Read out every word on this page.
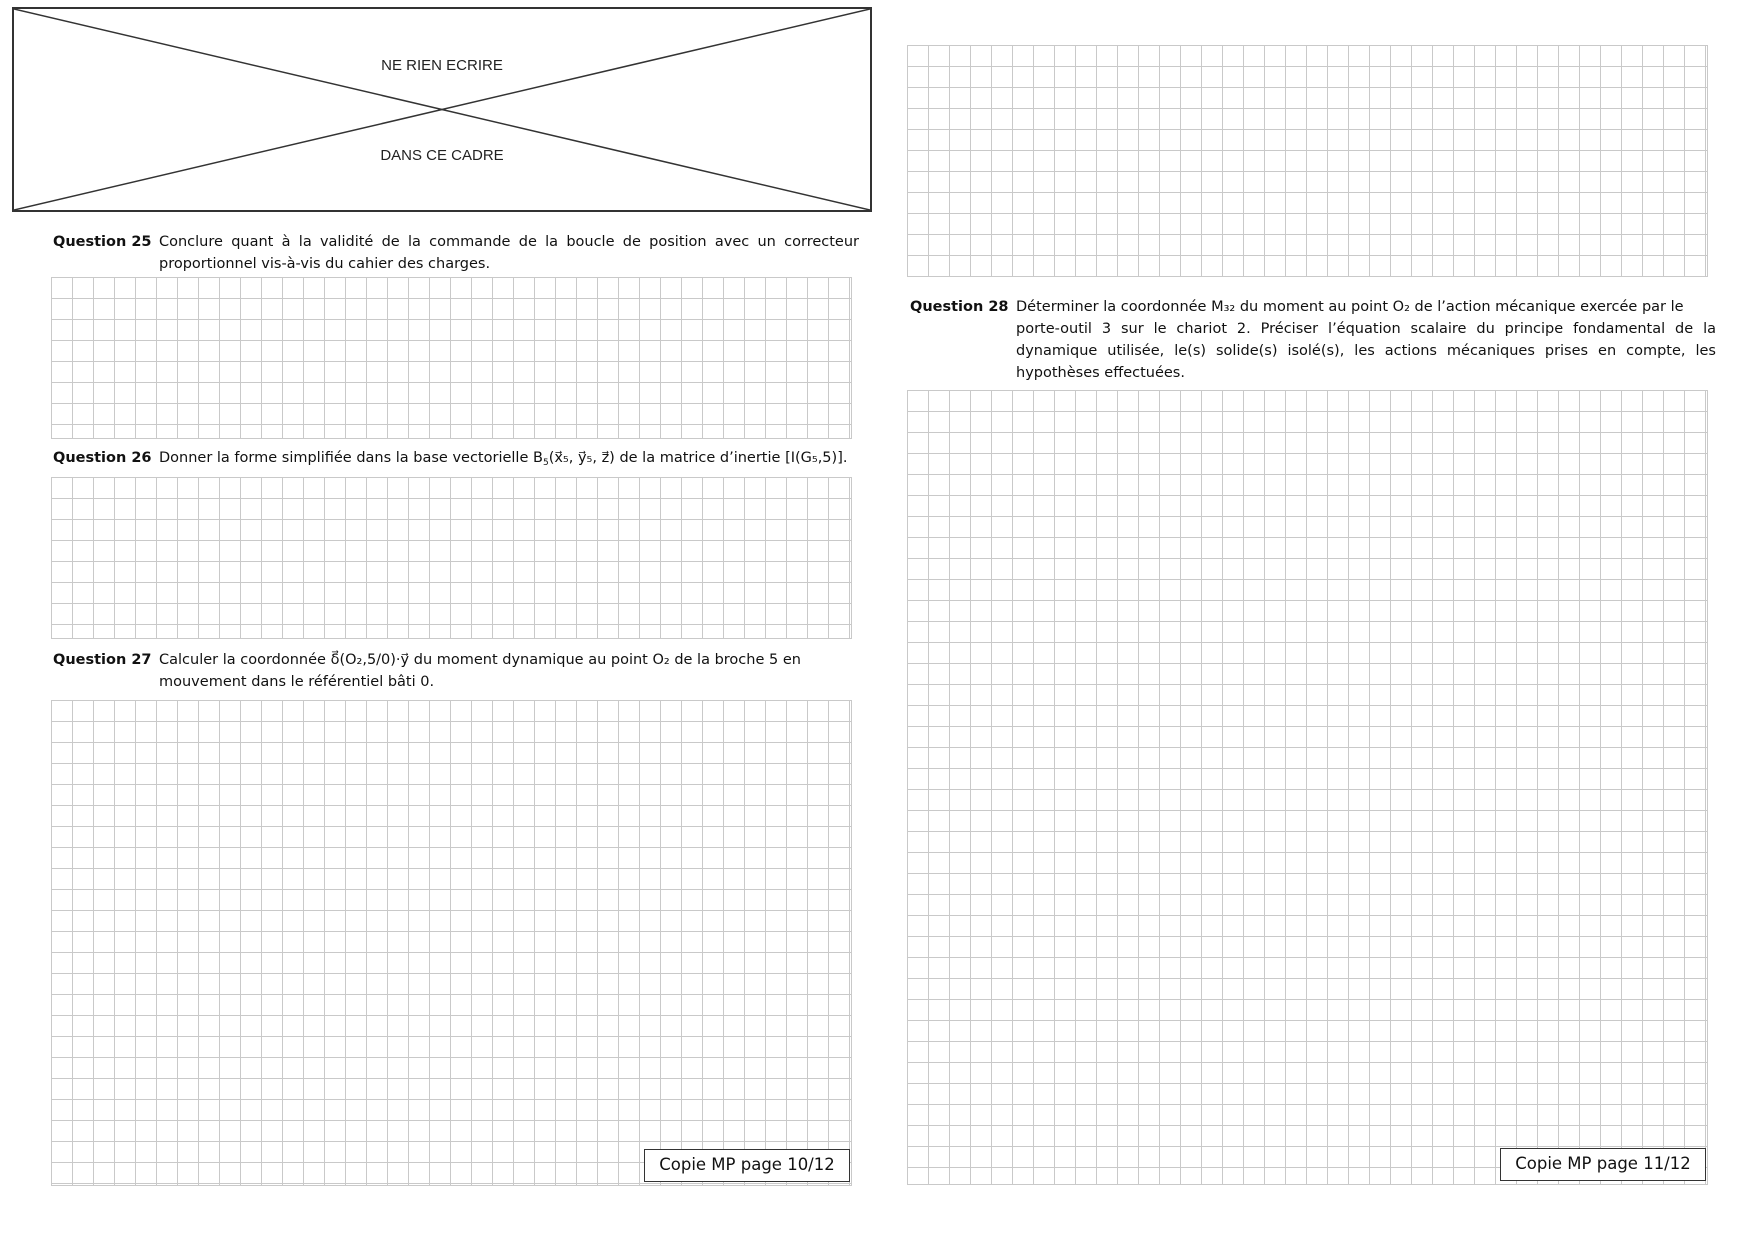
NE RIEN ECRIRE
DANS CE CADRE
Question 25 Conclure quant à la validité de la commande de la boucle de position avec un correcteur
proportionnel vis-à-vis du cahier des charges.
Question 26 Donner la forme simplifiée dans la base vectorielle $B_5(x⃗_5$, y⃗₅, z⃗) de la matrice d’inertie [I(G₅,5)].
Question 27 Calculer la coordonnée δ⃗(O₂,5/0)·y⃗ du moment dynamique au point O₂ de la broche 5 en
mouvement dans le référentiel bâti 0.
Copie MP page 10/12
Question 28 Déterminer la coordonnée M₃₂ du moment au point O₂ de l’action mécanique exercée par le
porte-outil 3 sur le chariot 2. Préciser l’équation scalaire du principe fondamental de la
dynamique utilisée, le(s) solide(s) isolé(s), les actions mécaniques prises en compte, les
hypothèses effectuées.
Copie MP page 11/12
